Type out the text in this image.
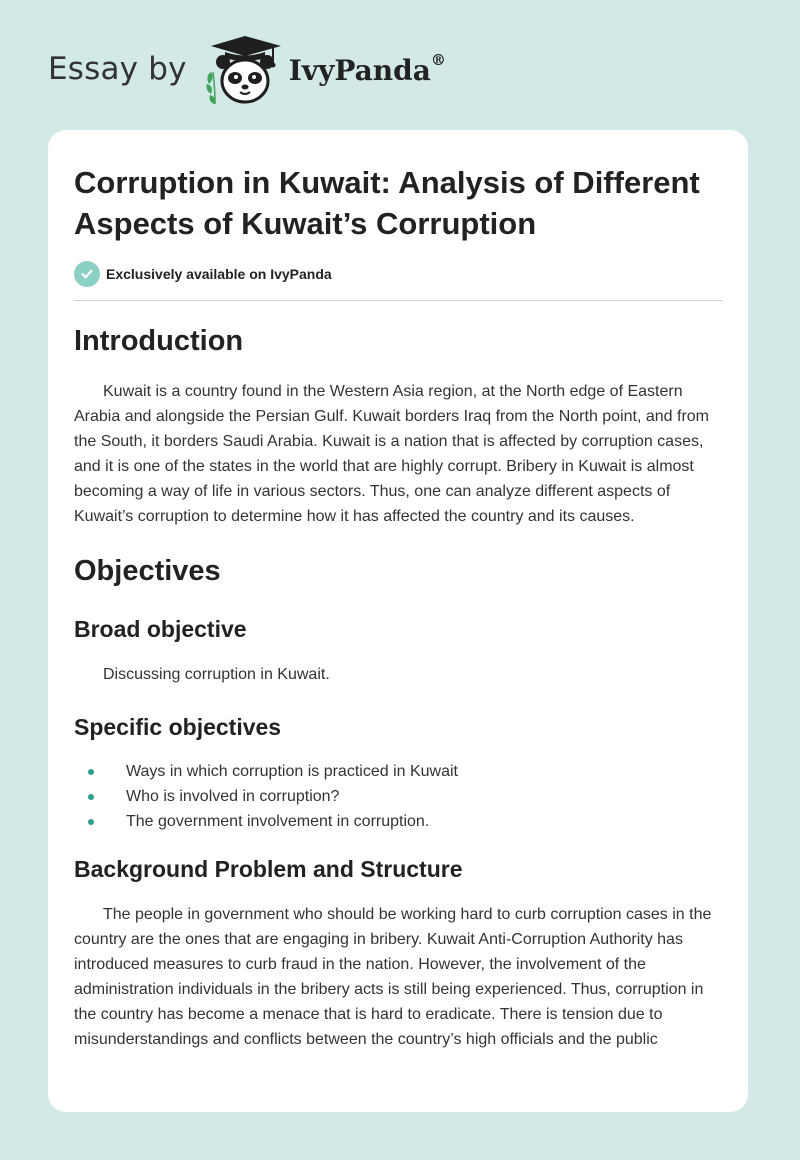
Essay by	IvyPanda®
Corruption in Kuwait: Analysis of Different Aspects of Kuwait’s Corruption
Exclusively available on IvyPanda
Introduction

Kuwait is a country found in the Western Asia region, at the North edge of Eastern Arabia and alongside the Persian Gulf. Kuwait borders Iraq from the North point, and from the South, it borders Saudi Arabia. Kuwait is a nation that is affected by corruption cases, and it is one of the states in the world that are highly corrupt. Bribery in Kuwait is almost becoming a way of life in various sectors. Thus, one can analyze different aspects of Kuwait’s corruption to determine how it has affected the country and its causes.

Objectives
Broad objective

Discussing corruption in Kuwait.

Specific objectives
Ways in which corruption is practiced in Kuwait
Who is involved in corruption?
The government involvement in corruption.
Background Problem and Structure

The people in government who should be working hard to curb corruption cases in the country are the ones that are engaging in bribery. Kuwait Anti-Corruption Authority has introduced measures to curb fraud in the nation. However, the involvement of the administration individuals in the bribery acts is still being experienced. Thus, corruption in the country has become a menace that is hard to eradicate. There is tension due to misunderstandings and conflicts between the country’s high officials and the public
